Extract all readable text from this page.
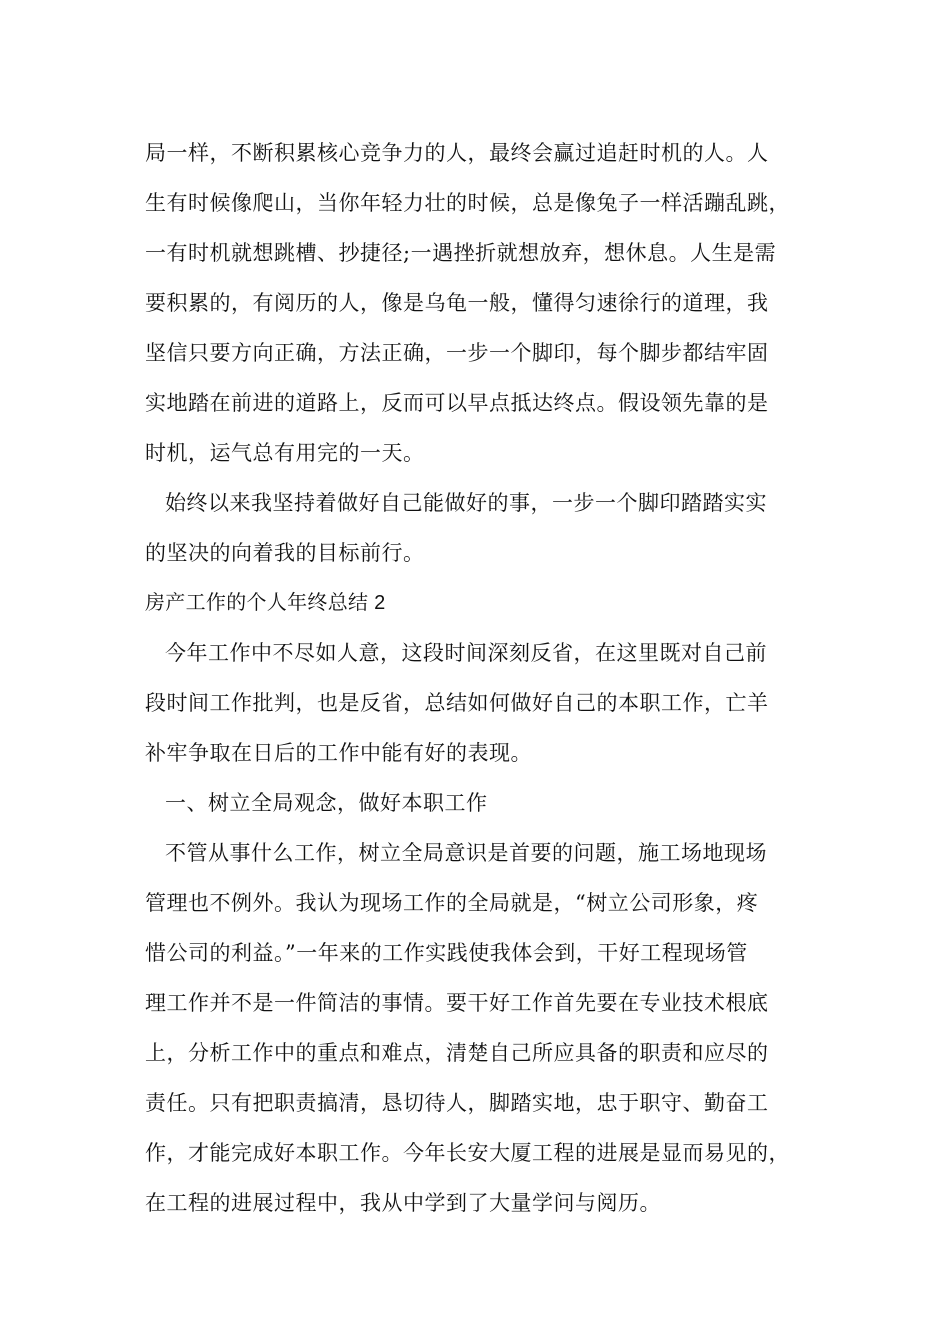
局一样，不断积累核心竞争力的人，最终会赢过追赶时机的人。人
生有时候像爬山，当你年轻力壮的时候，总是像兔子一样活蹦乱跳，
一有时机就想跳槽、抄捷径;一遇挫折就想放弃，想休息。人生是需
要积累的，有阅历的人，像是乌龟一般，懂得匀速徐行的道理，我
坚信只要方向正确，方法正确，一步一个脚印，每个脚步都结牢固
实地踏在前进的道路上，反而可以早点抵达终点。假设领先靠的是
时机，运气总有用完的一天。
始终以来我坚持着做好自己能做好的事，一步一个脚印踏踏实实
的坚决的向着我的目标前行。
房产工作的个人年终总结 2
今年工作中不尽如人意，这段时间深刻反省，在这里既对自己前
段时间工作批判，也是反省，总结如何做好自己的本职工作，亡羊
补牢争取在日后的工作中能有好的表现。
一、树立全局观念，做好本职工作
不管从事什么工作，树立全局意识是首要的问题，施工场地现场
管理也不例外。我认为现场工作的全局就是，“树立公司形象，疼
惜公司的利益。”一年来的工作实践使我体会到，干好工程现场管
理工作并不是一件简洁的事情。要干好工作首先要在专业技术根底
上，分析工作中的重点和难点，清楚自己所应具备的职责和应尽的
责任。只有把职责搞清，恳切待人，脚踏实地，忠于职守、勤奋工
作，才能完成好本职工作。今年长安大厦工程的进展是显而易见的，
在工程的进展过程中，我从中学到了大量学问与阅历。
